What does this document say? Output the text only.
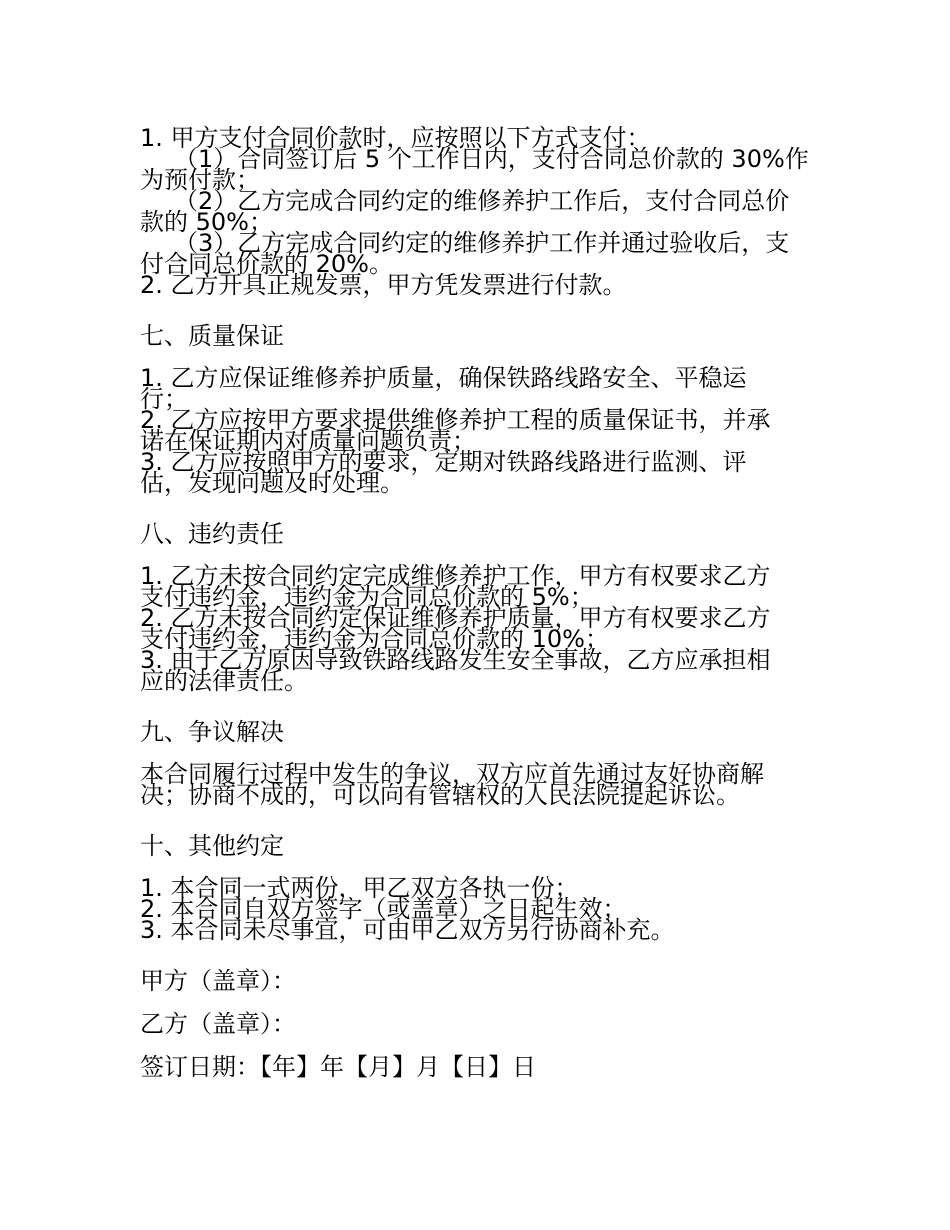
1. 甲方支付合同价款时，应按照以下方式支付：
（1）合同签订后 5 个工作日内，支付合同总价款的 30%作
为预付款；
（2）乙方完成合同约定的维修养护工作后，支付合同总价
款的 50%；
（3）乙方完成合同约定的维修养护工作并通过验收后，支
付合同总价款的 20%。
2. 乙方开具正规发票，甲方凭发票进行付款。

七、质量保证

1. 乙方应保证维修养护质量，确保铁路线路安全、平稳运
行；
2. 乙方应按甲方要求提供维修养护工程的质量保证书，并承
诺在保证期内对质量问题负责；
3. 乙方应按照甲方的要求，定期对铁路线路进行监测、评
估，发现问题及时处理。

八、违约责任

1. 乙方未按合同约定完成维修养护工作，甲方有权要求乙方
支付违约金，违约金为合同总价款的 5%；
2. 乙方未按合同约定保证维修养护质量，甲方有权要求乙方
支付违约金，违约金为合同总价款的 10%；
3. 由于乙方原因导致铁路线路发生安全事故，乙方应承担相
应的法律责任。

九、争议解决

本合同履行过程中发生的争议，双方应首先通过友好协商解
决；协商不成的，可以向有管辖权的人民法院提起诉讼。

十、其他约定

1. 本合同一式两份，甲乙双方各执一份；
2. 本合同自双方签字（或盖章）之日起生效；
3. 本合同未尽事宜，可由甲乙双方另行协商补充。

甲方（盖章）：

乙方（盖章）：

签订日期：【年】年【月】月【日】日
